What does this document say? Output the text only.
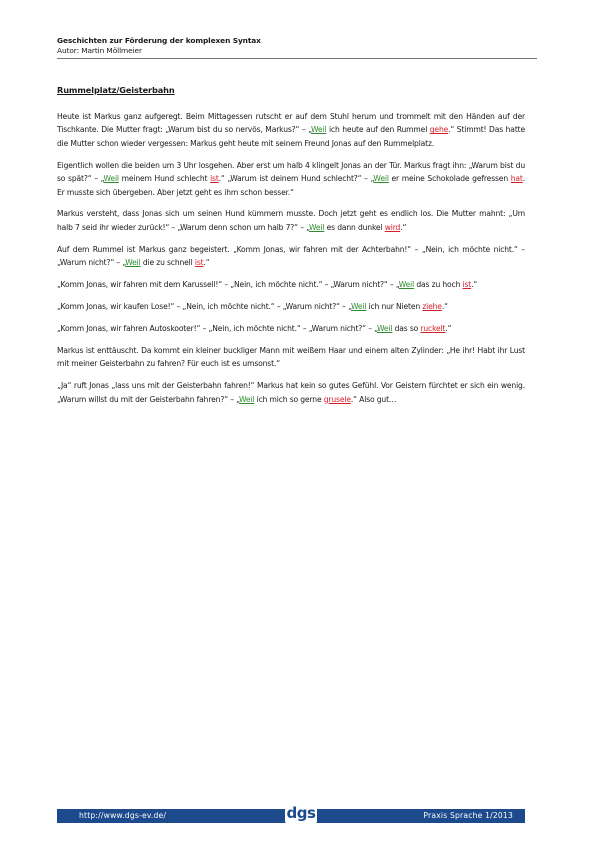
Geschichten zur Förderung der komplexen Syntax
Autor: Martin Möllmeier
Rummelplatz/Geisterbahn

Heute ist Markus ganz aufgeregt. Beim Mittagessen rutscht er auf dem Stuhl herum und trommelt mit den Händen auf der Tischkante. Die Mutter fragt: „Warum bist du so nervös, Markus?“ – „Weil ich heute auf den Rummel gehe.“ Stimmt! Das hatte die Mutter schon wieder vergessen: Markus geht heute mit seinem Freund Jonas auf den Rummelplatz.

Eigentlich wollen die beiden um 3 Uhr losgehen. Aber erst um halb 4 klingelt Jonas an der Tür. Markus fragt ihn: „Warum bist du so spät?“ – „Weil meinem Hund schlecht ist.“ „Warum ist deinem Hund schlecht?“ – „Weil er meine Schokolade gefressen hat. Er musste sich übergeben. Aber jetzt geht es ihm schon besser.“

Markus versteht, dass Jonas sich um seinen Hund kümmern musste. Doch jetzt geht es endlich los. Die Mutter mahnt: „Um halb 7 seid ihr wieder zurück!“ – „Warum denn schon um halb 7?“ – „Weil es dann dunkel wird.“

Auf dem Rummel ist Markus ganz begeistert. „Komm Jonas, wir fahren mit der Achterbahn!“ – „Nein, ich möchte nicht.“ – „Warum nicht?“ – „Weil die zu schnell ist.“

„Komm Jonas, wir fahren mit dem Karussell!“ – „Nein, ich möchte nicht.“ – „Warum nicht?“ – „Weil das zu hoch ist.“

„Komm Jonas, wir kaufen Lose!“ – „Nein, ich möchte nicht.“ – „Warum nicht?“ – „Weil ich nur Nieten ziehe.“

„Komm Jonas, wir fahren Autoskooter!“ – „Nein, ich möchte nicht.“ – „Warum nicht?“ – „Weil das so ruckelt.“

Markus ist enttäuscht. Da kommt ein kleiner buckliger Mann mit weißem Haar und einem alten Zylinder: „He ihr! Habt ihr Lust mit meiner Geisterbahn zu fahren? Für euch ist es umsonst.“

„Ja“ ruft Jonas „lass uns mit der Geisterbahn fahren!“ Markus hat kein so gutes Gefühl. Vor Geistern fürchtet er sich ein wenig. „Warum willst du mit der Geisterbahn fahren?“ – „Weil ich mich so gerne grusele.“ Also gut…

http://www.dgs-ev.de/	dgs	Praxis Sprache 1/2013
